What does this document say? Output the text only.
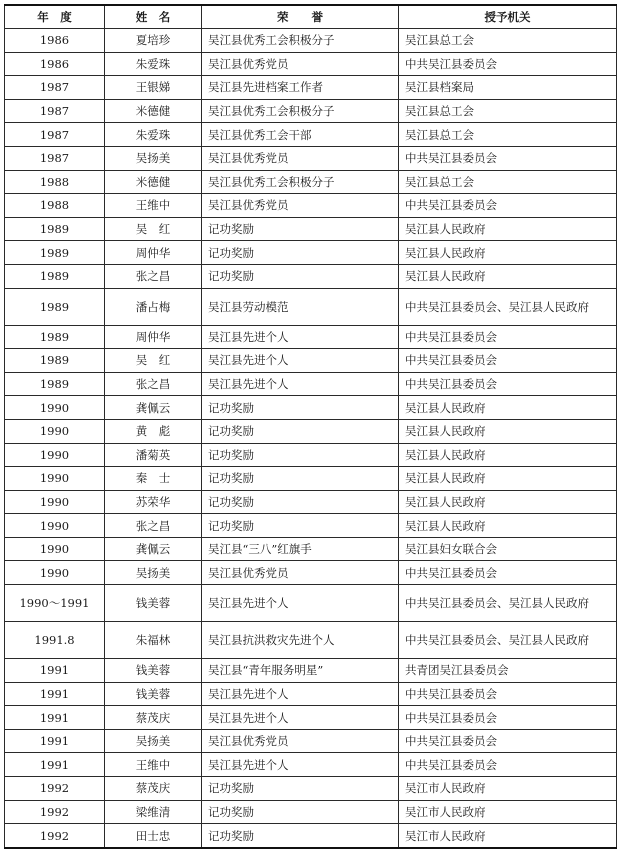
年　度	姓　名	荣　　誉	授予机关
1986	夏培珍	吴江县优秀工会积极分子	吴江县总工会
1986	朱爱珠	吴江县优秀党员	中共吴江县委员会
1987	王银娣	吴江县先进档案工作者	吴江县档案局
1987	米德健	吴江县优秀工会积极分子	吴江县总工会
1987	朱爱珠	吴江县优秀工会干部	吴江县总工会
1987	吴扬美	吴江县优秀党员	中共吴江县委员会
1988	米德健	吴江县优秀工会积极分子	吴江县总工会
1988	王维中	吴江县优秀党员	中共吴江县委员会
1989	吴　红	记功奖励	吴江县人民政府
1989	周仲华	记功奖励	吴江县人民政府
1989	张之昌	记功奖励	吴江县人民政府
1989	潘占梅	吴江县劳动模范	中共吴江县委员会、吴江县人民政府
1989	周仲华	吴江县先进个人	中共吴江县委员会
1989	吴　红	吴江县先进个人	中共吴江县委员会
1989	张之昌	吴江县先进个人	中共吴江县委员会
1990	龚佩云	记功奖励	吴江县人民政府
1990	黄　彪	记功奖励	吴江县人民政府
1990	潘菊英	记功奖励	吴江县人民政府
1990	秦　士	记功奖励	吴江县人民政府
1990	苏荣华	记功奖励	吴江县人民政府
1990	张之昌	记功奖励	吴江县人民政府
1990	龚佩云	吴江县“三八”红旗手	吴江县妇女联合会
1990	吴扬美	吴江县优秀党员	中共吴江县委员会
1990～1991	钱美蓉	吴江县先进个人	中共吴江县委员会、吴江县人民政府
1991.8	朱福林	吴江县抗洪救灾先进个人	中共吴江县委员会、吴江县人民政府
1991	钱美蓉	吴江县“青年服务明星”	共青团吴江县委员会
1991	钱美蓉	吴江县先进个人	中共吴江县委员会
1991	蔡茂庆	吴江县先进个人	中共吴江县委员会
1991	吴扬美	吴江县优秀党员	中共吴江县委员会
1991	王维中	吴江县先进个人	中共吴江县委员会
1992	蔡茂庆	记功奖励	吴江市人民政府
1992	梁维清	记功奖励	吴江市人民政府
1992	田士忠	记功奖励	吴江市人民政府
